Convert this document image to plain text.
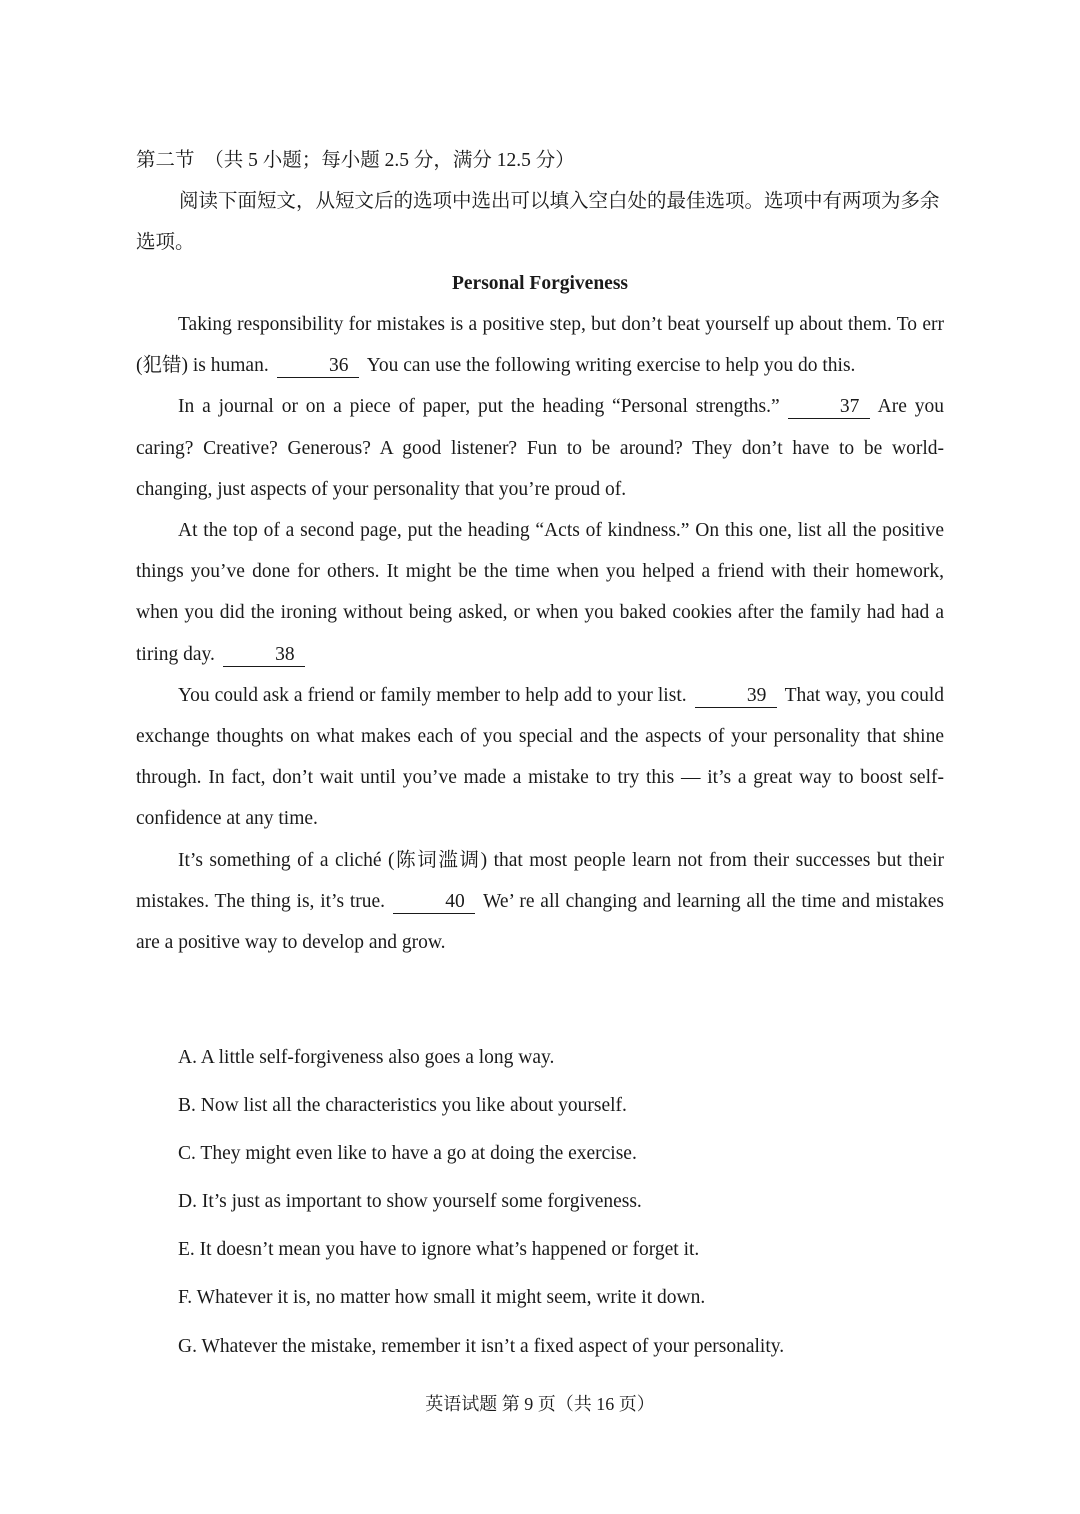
第二节　（共 5 小题；每小题 2.5 分，满分 12.5 分）

阅读下面短文，从短文后的选项中选出可以填入空白处的最佳选项。选项中有两项为多余选项。

Personal Forgiveness

Taking responsibility for mistakes is a positive step, but don’t beat yourself up about them. To err (犯错) is human.	36 You can use the following writing exercise to help you do this.

In a journal or on a piece of paper, put the heading “Personal strengths.”	37 Are you caring? Creative? Generous? A good listener? Fun to be around? They don’t have to be world-changing, just aspects of your personality that you’re proud of.

At the top of a second page, put the heading “Acts of kindness.” On this one, list all the positive things you’ve done for others. It might be the time when you helped a friend with their homework, when you did the ironing without being asked, or when you baked cookies after the family had had a tiring day.	38

You could ask a friend or family member to help add to your list.	39 That way, you could exchange thoughts on what makes each of you special and the aspects of your personality that shine through. In fact, don’t wait until you’ve made a mistake to try this — it’s a great way to boost self-confidence at any time.

It’s something of a cliché (陈词滥调) that most people learn not from their successes but their mistakes. The thing is, it’s true.	40 We’ re all changing and learning all the time and mistakes are a positive way to develop and grow.

A. A little self-forgiveness also goes a long way.

B. Now list all the characteristics you like about yourself.

C. They might even like to have a go at doing the exercise.

D. It’s just as important to show yourself some forgiveness.

E. It doesn’t mean you have to ignore what’s happened or forget it.

F. Whatever it is, no matter how small it might seem, write it down.

G. Whatever the mistake, remember it isn’t a fixed aspect of your personality.

英语试题 第 9 页（共 16 页）
